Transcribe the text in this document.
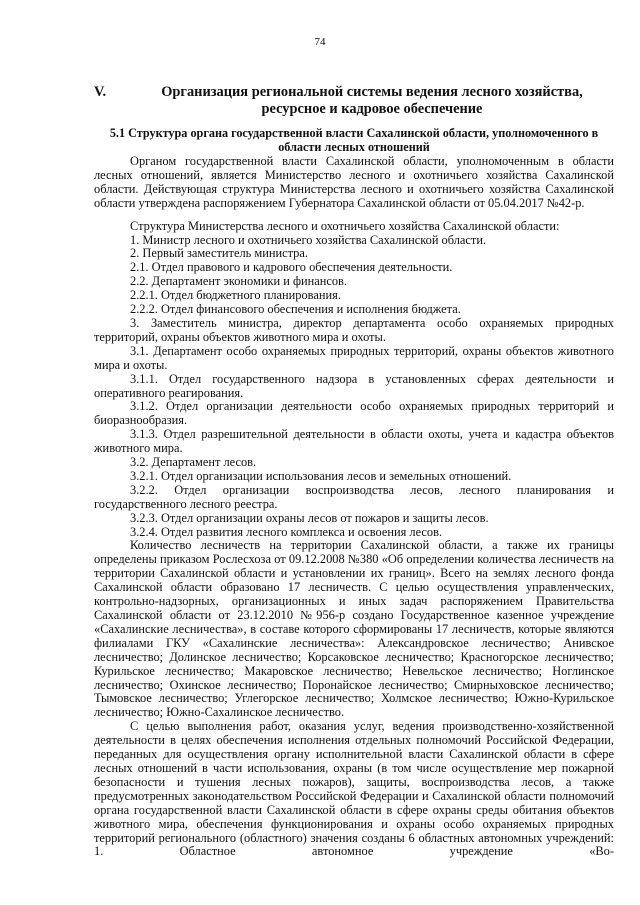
74
V.	Организация региональной системы ведения лесного хозяйства, ресурсное и кадровое обеспечение
5.1 Структура органа государственной власти Сахалинской области, уполномоченного в области лесных отношений

Органом государственной власти Сахалинской области, уполномоченным в области лесных отношений, является Министерство лесного и охотничьего хозяйства Сахалинской области. Действующая структура Министерства лесного и охотничьего хозяйства Сахалинской области утверждена распоряжением Губернатора Сахалинской области от 05.04.2017 №42-р.

Структура Министерства лесного и охотничьего хозяйства Сахалинской области:

1. Министр лесного и охотничьего хозяйства Сахалинской области.

2. Первый заместитель министра.

2.1. Отдел правового и кадрового обеспечения деятельности.

2.2. Департамент экономики и финансов.

2.2.1. Отдел бюджетного планирования.

2.2.2. Отдел финансового обеспечения и исполнения бюджета.

3. Заместитель министра, директор департамента особо охраняемых природных территорий, охраны объектов животного мира и охоты.

3.1. Департамент особо охраняемых природных территорий, охраны объектов животного мира и охоты.

3.1.1. Отдел государственного надзора в установленных сферах деятельности и оперативного реагирования.

3.1.2. Отдел организации деятельности особо охраняемых природных территорий и биоразнообразия.

3.1.3. Отдел разрешительной деятельности в области охоты, учета и кадастра объектов животного мира.

3.2. Департамент лесов.

3.2.1. Отдел организации использования лесов и земельных отношений.

3.2.2. Отдел организации воспроизводства лесов, лесного планирования и государственного лесного реестра.

3.2.3. Отдел организации охраны лесов от пожаров и защиты лесов.

3.2.4. Отдел развития лесного комплекса и освоения лесов.

Количество лесничеств на территории Сахалинской области, а также их границы определены приказом Рослесхоза от 09.12.2008 №380 «Об определении количества лесничеств на территории Сахалинской области и установлении их границ». Всего на землях лесного фонда Сахалинской области образовано 17 лесничеств. С целью осуществления управленческих, контрольно-надзорных, организационных и иных задач распоряжением Правительства Сахалинской области от 23.12.2010 №956-р создано Государственное казенное учреждение «Сахалинские лесничества», в составе которого сформированы 17 лесничеств, которые являются филиалами ГКУ «Сахалинские лесничества»: Александровское лесничество; Анивское лесничество; Долинское лесничество; Корсаковское лесничество; Красногорское лесничество; Курильское лесничество; Макаровское лесничество; Невельское лесничество; Ноглинское лесничество; Охинское лесничество; Поронайское лесничество; Смирныховское лесничество; Тымовское лесничество; Углегорское лесничество; Холмское лесничество; Южно-Курильское лесничество; Южно-Сахалинское лесничество.

С целью выполнения работ, оказания услуг, ведения производственно-хозяйственной деятельности в целях обеспечения исполнения отдельных полномочий Российской Федерации, переданных для осуществления органу исполнительной власти Сахалинской области в сфере лесных отношений в части использования, охраны (в том числе осуществление мер пожарной безопасности и тушения лесных пожаров), защиты, воспроизводства лесов, а также предусмотренных законодательством Российской Федерации и Сахалинской области полномочий органа государственной власти Сахалинской области в сфере охраны среды обитания объектов животного мира, обеспечения функционирования и охраны особо охраняемых природных территорий регионального (областного) значения созданы 6 областных автономных учреждений: 1. Областное автономное учреждение «Во-
